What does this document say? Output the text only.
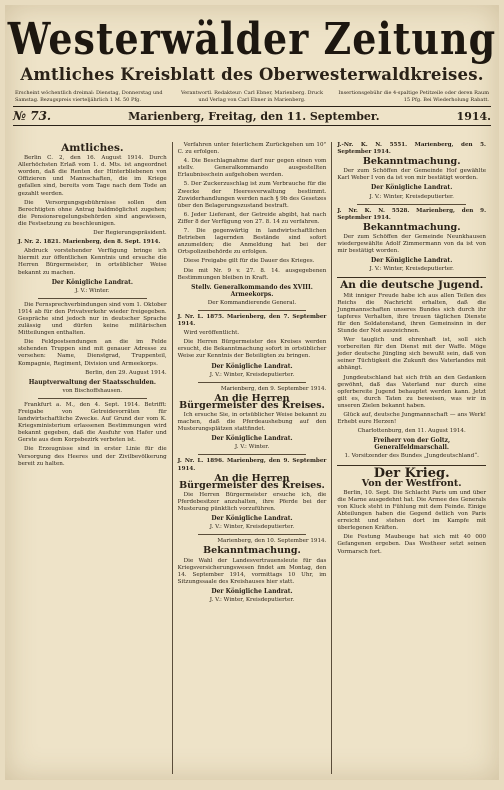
Westerwälder Zeitung
Amtliches Kreisblatt des Oberwesterwaldkreises.
Erscheint wöchentlich dreimal: Dienstag, Donnerstag und Samstag. Bezugspreis vierteljährlich 1 M. 50 Pfg.
Verantwortl. Redakteur: Carl Ebner, Marienberg. Druck und Verlag von Carl Ebner in Marienberg.
Insertionsgebühr die 4-spaltige Petitzeile oder deren Raum 15 Pfg. Bei Wiederholung Rabatt.
№ 73.	Marienberg, Freitag, den 11. September.	1914.
Amtliches.

Berlin C. 2, den 16. August 1914. Durch Allerhöchsten Erlaß vom 1. d. Mts. ist angeordnet worden, daß die Renten der Hinterbliebenen von Offizieren und Mannschaften, die im Kriege gefallen sind, bereits vom Tage nach dem Tode an gezahlt werden.

Die Versorgungsgebührnisse sollen den Berechtigten ohne Antrag baldmöglichst zugehen; die Pensionsregelungsbehörden sind angewiesen, die Festsetzung zu beschleunigen.

Der Regierungspräsident.

J. Nr. 2. 1821. Marienberg, den 8. Sept. 1914.

Abdruck vorstehender Verfügung bringe ich hiermit zur öffentlichen Kenntnis und ersuche die Herren Bürgermeister, in ortsüblicher Weise bekannt zu machen.

Der Königliche Landrat.

J. V.: Winter.

Die Fernsprechverbindungen sind vom 1. Oktober 1914 ab für den Privatverkehr wieder freigegeben. Gespräche sind jedoch nur in deutscher Sprache zulässig und dürfen keine militärischen Mitteilungen enthalten.

Die Feldpostsendungen an die im Felde stehenden Truppen sind mit genauer Adresse zu versehen: Name, Dienstgrad, Truppenteil, Kompagnie, Regiment, Division und Armeekorps.

Berlin, den 29. August 1914.

Hauptverwaltung der Staatsschulden.

von Bischoffshausen.

Frankfurt a. M., den 4. Sept. 1914. Betrifft: Freigabe von Getreidevorräten für landwirtschaftliche Zwecke. Auf Grund der vom K. Kriegsministerium erlassenen Bestimmungen wird bekannt gegeben, daß die Ausfuhr von Hafer und Gerste aus dem Korpsbezirk verboten ist.

Die Erzeugnisse sind in erster Linie für die Versorgung des Heeres und der Zivilbevölkerung bereit zu halten.

Verfahren unter feierlichem Zurückgehen um 10° C. zu erfolgen.

4. Die Beschlagnahme darf nur gegen einen vom stellv. Generalkommando ausgestellten Erlaubnisschein aufgehoben werden.

5. Der Zuckerzuschlag ist zum Verbrauche für die Zwecke der Heeresverwaltung bestimmt. Zuwiderhandlungen werden nach § 9b des Gesetzes über den Belagerungszustand bestraft.

6. Jeder Lieferant, der Getreide abgibt, hat nach Ziffer 8 der Verfügung von 27. 8. 14 zu verfahren.

7. Die gegenwärtig in landwirtschaftlichen Betrieben lagernden Bestände sind sofort anzumelden; die Anmeldung hat bei der Ortspolizeibehörde zu erfolgen.

Diese Freigabe gilt für die Dauer des Krieges.

Die mit Nr. 9 v. 27. 8. 14. ausgegebenen Bestimmungen bleiben in Kraft.

Stellv. Generalkommando des XVIII. Armeekorps.

Der Kommandierende General.

J. Nr. L. 1875. Marienberg, den 7. September 1914.

Wird veröffentlicht.

Die Herren Bürgermeister des Kreises werden ersucht, die Bekanntmachung sofort in ortsüblicher Weise zur Kenntnis der Beteiligten zu bringen.

Der Königliche Landrat.

J. V.: Winter, Kreisdeputierter.

Marienberg, den 9. September 1914.

An die Herren Bürgermeister des Kreises.

Ich ersuche Sie, in ortsüblicher Weise bekannt zu machen, daß die Pferdeaushebung auf den Musterungsplätzen stattfindet.

Der Königliche Landrat.

J. V.: Winter.

J. Nr. L. 1896. Marienberg, den 9. September 1914.

An die Herren Bürgermeister des Kreises.

Die Herren Bürgermeister ersuche ich, die Pferdebesitzer anzuhalten, ihre Pferde bei der Musterung pünktlich vorzuführen.

Der Königliche Landrat.

J. V.: Winter, Kreisdeputierter.

Marienberg, den 10. September 1914.

Bekanntmachung.

Die Wahl der Landesvertrauensleute für das Kriegsversicherungswesen findet am Montag, den 14. September 1914, vormittags 10 Uhr, im Sitzungssaale des Kreishauses hier statt.

Der Königliche Landrat.

J. V.: Winter, Kreisdeputierter.

J.-Nr. K. N. 5551. Marienberg, den 5. September 1914.

Bekanntmachung.

Der zum Schöffen der Gemeinde Hof gewählte Karl Weber I von da ist von mir bestätigt worden.

Der Königliche Landrat.

J. V.: Winter, Kreisdeputierter.

J. Nr. K. N. 5528. Marienberg, den 9. September 1914.

Bekanntmachung.

Der zum Schöffen der Gemeinde Neunkhausen wiedergewählte Adolf Zimmermann von da ist von mir bestätigt worden.

Der Königliche Landrat.

J. V.: Winter, Kreisdeputierter.

An die deutsche Jugend.

Mit inniger Freude habe ich aus allen Teilen des Reichs die Nachricht erhalten, daß die Jungmannschaften unseres Bundes sich durch ihr tapferes Verhalten, ihre treuen täglichen Dienste für den Soldatenstand, ihren Gemeinsinn in der Stunde der Not auszeichnen.

Wer tauglich und ehrenhaft ist, soll sich vorbereiten für den Dienst mit der Waffe. Möge jeder deutsche Jüngling sich bewußt sein, daß von seiner Tüchtigkeit die Zukunft des Vaterlandes mit abhängt.

Jungdeutschland hat sich früh an den Gedanken gewöhnt, daß das Vaterland nur durch eine opferbereite Jugend behauptet werden kann. Jetzt gilt es, durch Taten zu beweisen, was wir in unseren Zielen bekannt haben.

Glück auf, deutsche Jungmannschaft — ans Werk! Erhebt eure Herzen!

Charlottenburg, den 11. August 1914.

Freiherr von der Goltz, Generalfeldmarschall.

1. Vorsitzender des Bundes „Jungdeutschland“.

Der Krieg.
Von der Westfront.

Berlin, 10. Sept. Die Schlacht Paris um und über die Marne ausgedehnt hat. Die Armee des Generals von Kluck steht in Fühlung mit dem Feinde. Einige Abteilungen haben die Gegend östlich von Paris erreicht und stehen dort im Kampfe mit überlegenen Kräften.

Die Festung Maubeuge hat sich mit 40 000 Gefangenen ergeben. Das Westheer setzt seinen Vormarsch fort.
